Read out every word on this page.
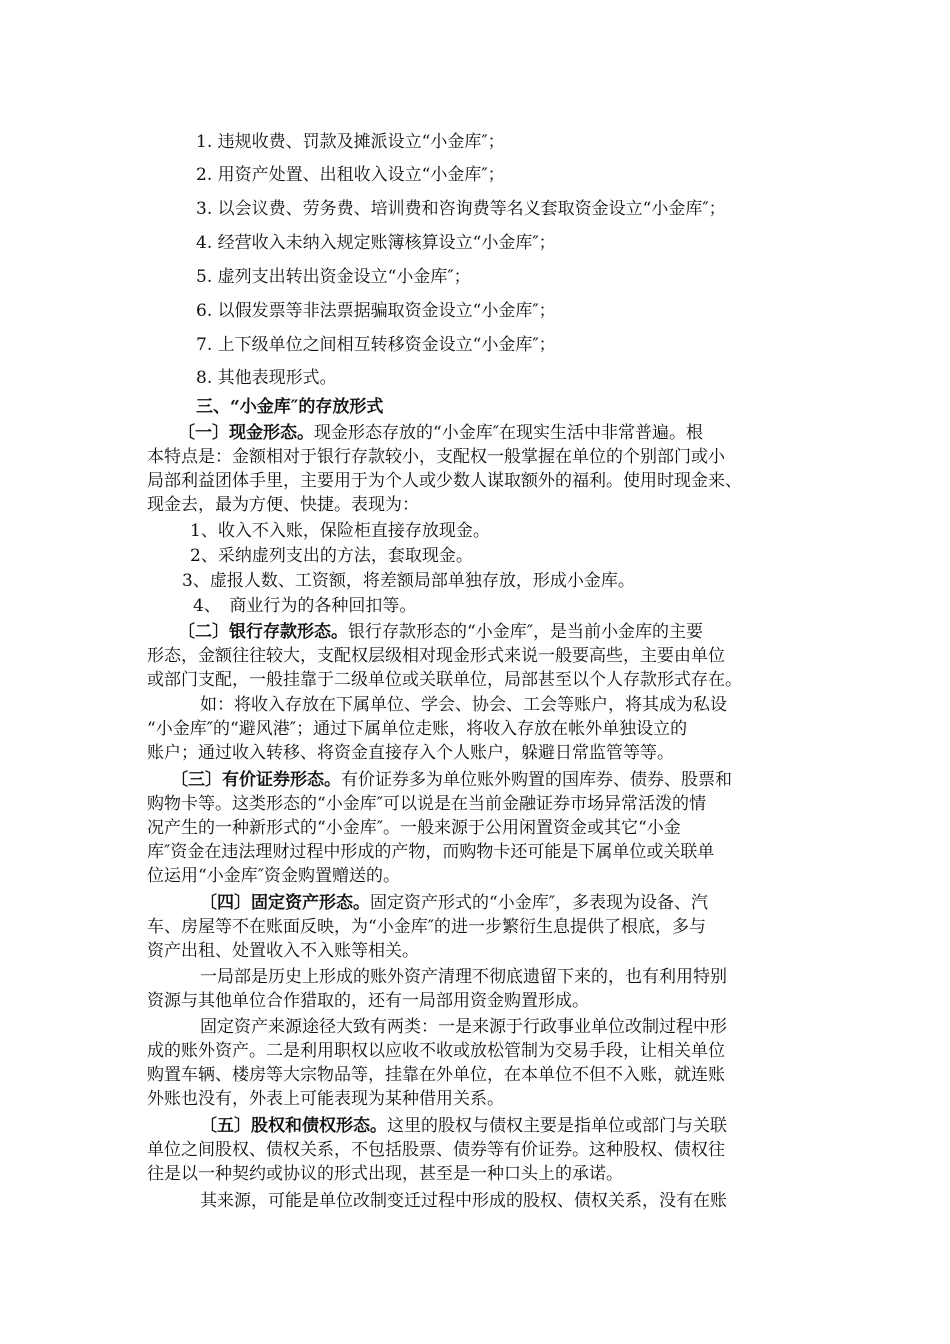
1. 违规收费、罚款及摊派设立“小金库″；
2. 用资产处置、出租收入设立“小金库″；
3. 以会议费、劳务费、培训费和咨询费等名义套取资金设立“小金库″；
4. 经营收入未纳入规定账簿核算设立“小金库″；
5. 虚列支出转出资金设立“小金库″；
6. 以假发票等非法票据骗取资金设立“小金库″；
7. 上下级单位之间相互转移资金设立“小金库″；
8. 其他表现形式。
三、“小金库″的存放形式
〔一〕现金形态。现金形态存放的“小金库″在现实生活中非常普遍。根
本特点是：金额相对于银行存款较小，支配权一般掌握在单位的个别部门或小
局部利益团体手里，主要用于为个人或少数人谋取额外的福利。使用时现金来、
现金去，最为方便、快捷。表现为：
1、收入不入账，保险柜直接存放现金。
2、采纳虚列支出的方法，套取现金。
3、虚报人数、工资额，将差额局部单独存放，形成小金库。
4、　商业行为的各种回扣等。
〔二〕银行存款形态。银行存款形态的“小金库″，是当前小金库的主要
形态，金额往往较大，支配权层级相对现金形式来说一般要高些，主要由单位
或部门支配，一般挂靠于二级单位或关联单位，局部甚至以个人存款形式存在。
如：将收入存放在下属单位、学会、协会、工会等账户，将其成为私设
“小金库″的“避风港″；通过下属单位走账，将收入存放在帐外单独设立的
账户；通过收入转移、将资金直接存入个人账户，躲避日常监管等等。
〔三〕有价证券形态。有价证券多为单位账外购置的国库券、债券、股票和
购物卡等。这类形态的“小金库″可以说是在当前金融证券市场异常活泼的情
况产生的一种新形式的“小金库″。一般来源于公用闲置资金或其它“小金
库″资金在违法理财过程中形成的产物，而购物卡还可能是下属单位或关联单
位运用“小金库″资金购置赠送的。
〔四〕固定资产形态。固定资产形式的“小金库″，多表现为设备、汽
车、房屋等不在账面反映，为“小金库″的进一步繁衍生息提供了根底，多与
资产出租、处置收入不入账等相关。
一局部是历史上形成的账外资产清理不彻底遗留下来的，也有利用特别
资源与其他单位合作猎取的，还有一局部用资金购置形成。
固定资产来源途径大致有两类：一是来源于行政事业单位改制过程中形
成的账外资产。二是利用职权以应收不收或放松管制为交易手段，让相关单位
购置车辆、楼房等大宗物品等，挂靠在外单位，在本单位不但不入账，就连账
外账也没有，外表上可能表现为某种借用关系。
〔五〕股权和债权形态。这里的股权与债权主要是指单位或部门与关联
单位之间股权、债权关系，不包括股票、债券等有价证券。这种股权、债权往
往是以一种契约或协议的形式出现，甚至是一种口头上的承诺。
其来源，可能是单位改制变迁过程中形成的股权、债权关系，没有在账
